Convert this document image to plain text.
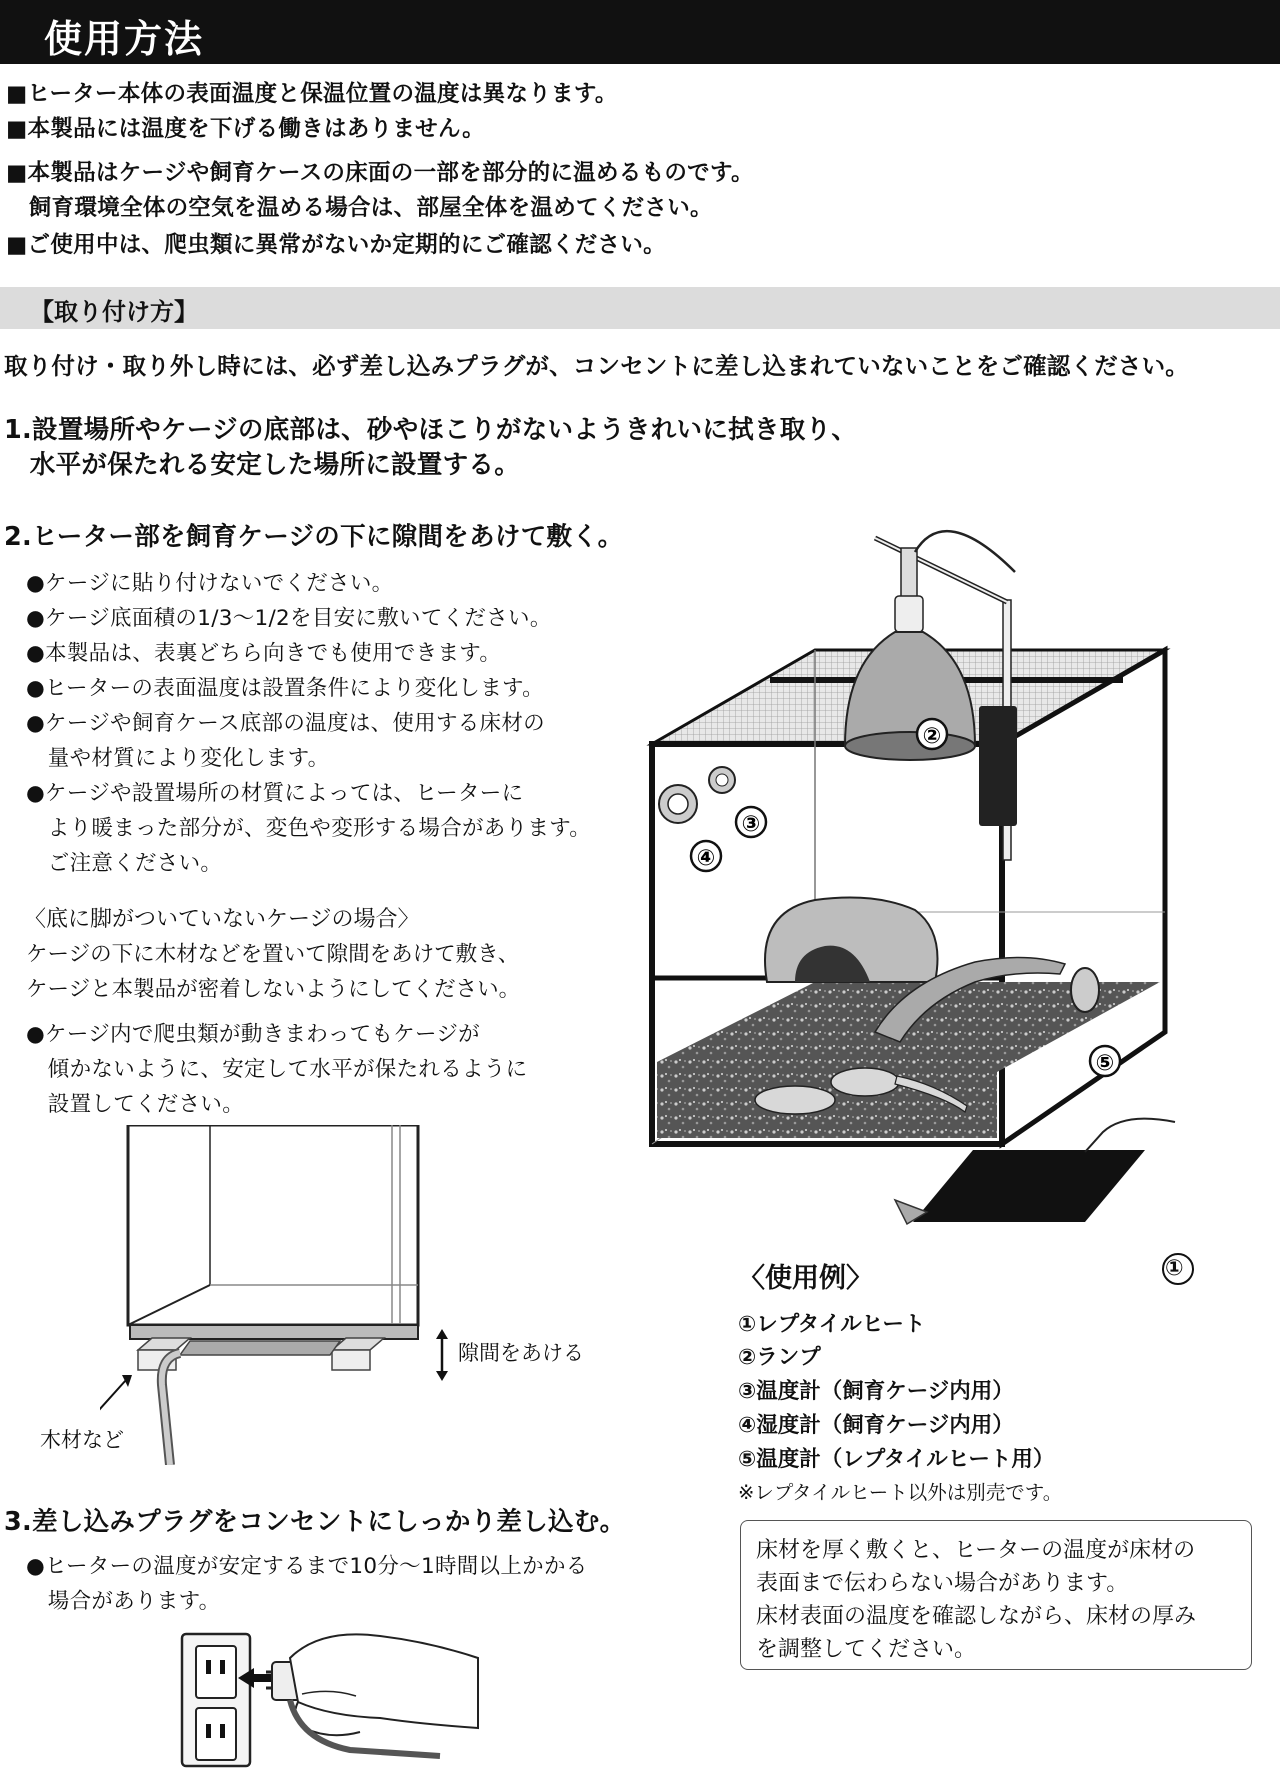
使用方法
■ヒーター本体の表面温度と保温位置の温度は異なります。
■本製品には温度を下げる働きはありません。
■本製品はケージや飼育ケースの床面の一部を部分的に温めるものです。
　飼育環境全体の空気を温める場合は、部屋全体を温めてください。
■ご使用中は、爬虫類に異常がないか定期的にご確認ください。
【取り付け方】
取り付け・取り外し時には、必ず差し込みプラグが、コンセントに差し込まれていないことをご確認ください。
1.設置場所やケージの底部は、砂やほこりがないようきれいに拭き取り、
　水平が保たれる安定した場所に設置する。
2.ヒーター部を飼育ケージの下に隙間をあけて敷く。
●ケージに貼り付けないでください。
●ケージ底面積の1/3～1/2を目安に敷いてください。
●本製品は、表裏どちら向きでも使用できます。
●ヒーターの表面温度は設置条件により変化します。
●ケージや飼育ケース底部の温度は、使用する床材の
　量や材質により変化します。
●ケージや設置場所の材質によっては、ヒーターに
　より暖まった部分が、変色や変形する場合があります。
　ご注意ください。
〈底に脚がついていないケージの場合〉
ケージの下に木材などを置いて隙間をあけて敷き、
ケージと本製品が密着しないようにしてください。
●ケージ内で爬虫類が動きまわってもケージが
　傾かないように、安定して水平が保たれるように
　設置してください。
隙間をあける
木材など
3.差し込みプラグをコンセントにしっかり差し込む。
●ヒーターの温度が安定するまで10分～1時間以上かかる
　場合があります。
②
③
④
⑤
①
〈使用例〉
①レプタイルヒート
②ランプ
③温度計（飼育ケージ内用）
④湿度計（飼育ケージ内用）
⑤温度計（レプタイルヒート用）
※レプタイルヒート以外は別売です。
床材を厚く敷くと、ヒーターの温度が床材の
表面まで伝わらない場合があります。
床材表面の温度を確認しながら、床材の厚み
を調整してください。
